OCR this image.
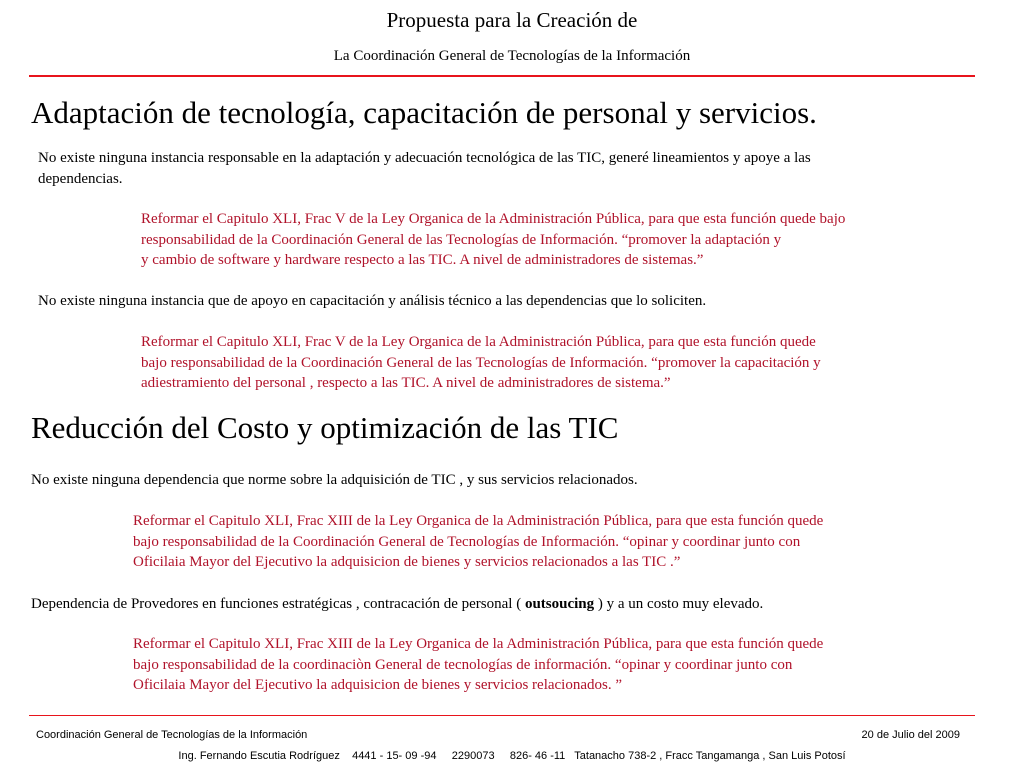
Propuesta para la Creación de
La Coordinación General de Tecnologías de la Información
Adaptación de tecnología, capacitación de personal y servicios.
No existe ninguna instancia responsable en la adaptación y adecuación tecnológica de las TIC, generé lineamientos y apoye a las
dependencias.
Reformar el Capitulo XLI, Frac V de la Ley Organica de la Administración Pública, para que esta función quede bajo
responsabilidad de la Coordinación General de las Tecnologías de Información. “promover la adaptación y
y cambio de software y hardware respecto a las TIC. A nivel de administradores de sistemas.”
No existe ninguna instancia que de apoyo en capacitación y análisis técnico a las dependencias que lo soliciten.
Reformar el Capitulo XLI, Frac V de la Ley Organica de la Administración Pública, para que esta función quede
bajo responsabilidad de la Coordinación General de las Tecnologías de Información. “promover la capacitación y
adiestramiento del personal , respecto a las TIC. A nivel de administradores de sistema.”
Reducción del Costo y optimización de las TIC
No existe ninguna dependencia que norme sobre la adquisición de TIC , y sus servicios relacionados.
Reformar el Capitulo XLI, Frac XIII de la Ley Organica de la Administración Pública, para que esta función quede
bajo responsabilidad de la Coordinación General de Tecnologías de Información. “opinar y coordinar junto con
Oficilaia Mayor del Ejecutivo la adquisicion de bienes y servicios relacionados a las TIC .”
Dependencia de Provedores en funciones estratégicas , contracación de personal ( outsoucing ) y a un costo muy elevado.
Reformar el Capitulo XLI, Frac XIII de la Ley Organica de la Administración Pública, para que esta función quede
bajo responsabilidad de la coordinaciòn General de tecnologías de información. “opinar y coordinar junto con
Oficilaia Mayor del Ejecutivo la adquisicion de bienes y servicios relacionados. ”
Coordinación General de Tecnologías de la Información	20 de Julio del 2009
Ing. Fernando Escutia Rodríguez    4441 - 15- 09 -94     2290073     826- 46 -11   Tatanacho 738-2 , Fracc Tangamanga , San Luis Potosí
